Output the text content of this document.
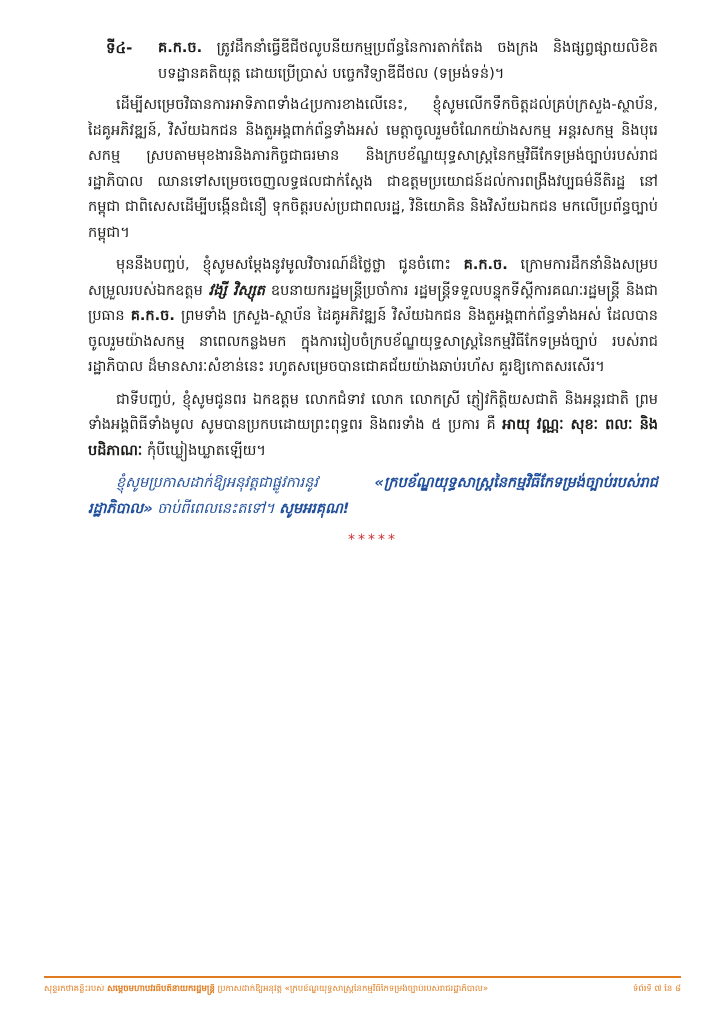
ទី៤- គ.ក.ច. ត្រូវដឹកនាំធ្វើឌីជីថលូបនីយកម្មប្រព័ន្ធនៃការតាក់តែង ចងក្រង និងផ្សព្វផ្សាយលិខិតបទដ្ឋានគតិយុត្ត ដោយប្រើប្រាស់ បច្ចេកវិទ្យាឌីជីថល (ទម្រង់ទន់)។

ដើម្បីសម្រេចវិធានការអាទិភាពទាំង៤ប្រការខាងលើនេះ, ខ្ញុំសូមលើកទឹកចិត្តដល់គ្រប់ក្រសួង-ស្ថាប័ន, ដៃគូអភិវឌ្ឍន៍, វិស័យឯកជន និងតួអង្គពាក់ព័ន្ធទាំងអស់ មេត្តាចូលរួមចំណែកយ៉ាងសកម្ម អន្តរសកម្ម និងបុរេសកម្ម ស្របតាមមុខងារនិងភារកិច្ចជាធរមាន និងក្របខ័ណ្ឌយុទ្ធសាស្ត្រនៃកម្មវិធីកែទម្រង់ច្បាប់របស់រាជរដ្ឋាភិបាល ឈានទៅសម្រេចចេញលទ្ធផលជាក់ស្តែង ជាឧត្តមប្រយោជន៍ដល់ការពង្រឹងវប្បធម៌នីតិរដ្ឋ នៅកម្ពុជា ជាពិសេសដើម្បីបង្កើនជំនឿ ទុកចិត្តរបស់ប្រជាពលរដ្ឋ, វិនិយោគិន និងវិស័យឯកជន មកលើប្រព័ន្ធច្បាប់កម្ពុជា។

មុននឹងបញ្ចប់, ខ្ញុំសូមសម្តែងនូវមូលវិចារណ៍ដ៏ថ្លៃថ្លា ជូនចំពោះ គ.ក.ច. ក្រោមការដឹកនាំនិងសម្របសម្រួលរបស់ឯកឧត្តម វង្សី វិស្សុត ឧបនាយករដ្ឋមន្ត្រីប្រចាំការ រដ្ឋមន្ត្រីទទួលបន្ទុកទីស្តីការគណៈរដ្ឋមន្ត្រី និងជាប្រធាន គ.ក.ច. ព្រមទាំង ក្រសួង-ស្ថាប័ន ដៃគូអភិវឌ្ឍន៍ វិស័យឯកជន និងតួអង្គពាក់ព័ន្ធទាំងអស់ ដែលបានចូលរួមយ៉ាងសកម្ម នាពេលកន្លងមក ក្នុងការរៀបចំក្របខ័ណ្ឌយុទ្ធសាស្ត្រនៃកម្មវិធីកែទម្រង់ច្បាប់ របស់រាជរដ្ឋាភិបាល ដ៏មានសារៈសំខាន់នេះ រហូតសម្រេចបានជោគជ័យយ៉ាងឆាប់រហ័ស គួរឱ្យកោតសរសើរ។

ជាទីបញ្ចប់, ខ្ញុំសូមជូនពរ ឯកឧត្តម លោកជំទាវ លោក លោកស្រី ភ្ញៀវកិត្តិយសជាតិ និងអន្តរជាតិ ព្រមទាំងអង្គពិធីទាំងមូល សូមបានប្រកបដោយព្រះពុទ្ធពរ និងពរទាំង ៥ ប្រការ គឺ អាយុ វណ្ណៈ សុខៈ ពលៈ និងបដិភាណៈ កុំបីឃ្លៀងឃ្លាតឡើយ។

ខ្ញុំសូមប្រកាសដាក់ឱ្យអនុវត្តជាផ្លូវការនូវ «ក្របខ័ណ្ឌយុទ្ធសាស្ត្រនៃកម្មវិធីកែទម្រង់ច្បាប់របស់រាជរដ្ឋាភិបាល» ចាប់ពីពេលនេះតទៅ។ សូមអរគុណ!

*****
សុន្ទរកថាគន្លឹះរបស់ សម្តេចមហាបវរធិបតីនាយករដ្ឋមន្ត្រី ប្រកាសដាក់ឱ្យអនុវត្ត «ក្របខ័ណ្ឌយុទ្ធសាស្ត្រនៃកម្មវិធីកែទម្រង់ច្បាប់របស់រាជរដ្ឋាភិបាល»	ទំព័រទី ៧ នៃ ៨
